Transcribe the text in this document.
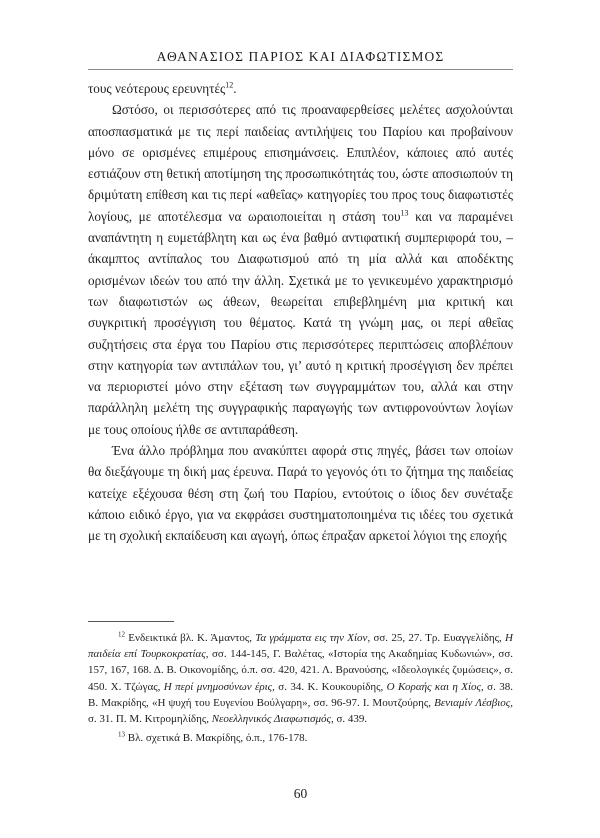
ΑΘΑΝΑΣΙΟΣ ΠΑΡΙΟΣ ΚΑΙ ΔΙΑΦΩΤΙΣΜΟΣ

τους νεότερους ερευνητές$^{12}$.

Ωστόσο, οι περισσότερες από τις προαναφερθείσες μελέτες ασχολούνται αποσπασματικά με τις περί παιδείας αντιλήψεις του Παρίου και προβαίνουν μόνο σε ορισμένες επιμέρους επισημάνσεις. Επιπλέον, κάποιες από αυτές εστιάζουν στη θετική αποτίμηση της προσωπικότητάς του, ώστε αποσιωπούν τη δριμύτατη επίθεση και τις περί «αθεΐας» κατηγορίες του προς τους διαφωτιστές λογίους, με αποτέλεσμα να ωραιοποιείται η στάση του$^{13}$ και να παραμένει αναπάντητη η ευμετάβλητη και ως ένα βαθμό αντιφατική συμπεριφορά του, –άκαμπτος αντίπαλος του Διαφωτισμού από τη μία αλλά και αποδέκτης ορισμένων ιδεών του από την άλλη. Σχετικά με το γενικευμένο χαρακτηρισμό των διαφωτιστών ως άθεων, θεωρείται επιβεβλημένη μια κριτική και συγκριτική προσέγγιση του θέματος. Κατά τη γνώμη μας, οι περί αθεΐας συζητήσεις στα έργα του Παρίου στις περισσότερες περιπτώσεις αποβλέπουν στην κατηγορία των αντιπάλων του, γι’ αυτό η κριτική προσέγγιση δεν πρέπει να περιοριστεί μόνο στην εξέταση των συγγραμμάτων του, αλλά και στην παράλληλη μελέτη της συγγραφικής παραγωγής των αντιφρονούντων λογίων με τους οποίους ήλθε σε αντιπαράθεση.

Ένα άλλο πρόβλημα που ανακύπτει αφορά στις πηγές, βάσει των οποίων θα διεξάγουμε τη δική μας έρευνα. Παρά το γεγονός ότι το ζήτημα της παιδείας κατείχε εξέχουσα θέση στη ζωή του Παρίου, εντούτοις ο ίδιος δεν συνέταξε κάποιο ειδικό έργο, για να εκφράσει συστηματοποιημένα τις ιδέες του σχετικά με τη σχολική εκπαίδευση και αγωγή, όπως έπραξαν αρκετοί λόγιοι της εποχής

$^{12}$ Ενδεικτικά βλ. Κ. Άμαντος, Τα γράμματα εις την Χίον, σσ. 25, 27. Τρ. Ευαγγελίδης, Η παιδεία επί Τουρκοκρατίας, σσ. 144-145, Γ. Βαλέτας, «Ιστορία της Ακαδημίας Κυδωνιών», σσ. 157, 167, 168. Δ. Β. Οικονομίδης, ό.π. σσ. 420, 421. Λ. Βρανούσης, «Ιδεολογικές ζυμώσεις», σ. 450. Χ. Τζώγας, Η περί μνημοσύνων έρις, σ. 34. Κ. Κουκουρίδης, Ο Κοραής και η Χίος, σ. 38. Β. Μακρίδης, «Η ψυχή του Ευγενίου Βούλγαρη», σσ. 96-97. Ι. Μουτζούρης, Βενιαμίν Λέσβιος, σ. 31. Π. Μ. Κιτρομηλίδης, Νεοελληνικός Διαφωτισμός, σ. 439.

$^{13}$ Βλ. σχετικά Β. Μακρίδης, ό.π., 176-178.

60
